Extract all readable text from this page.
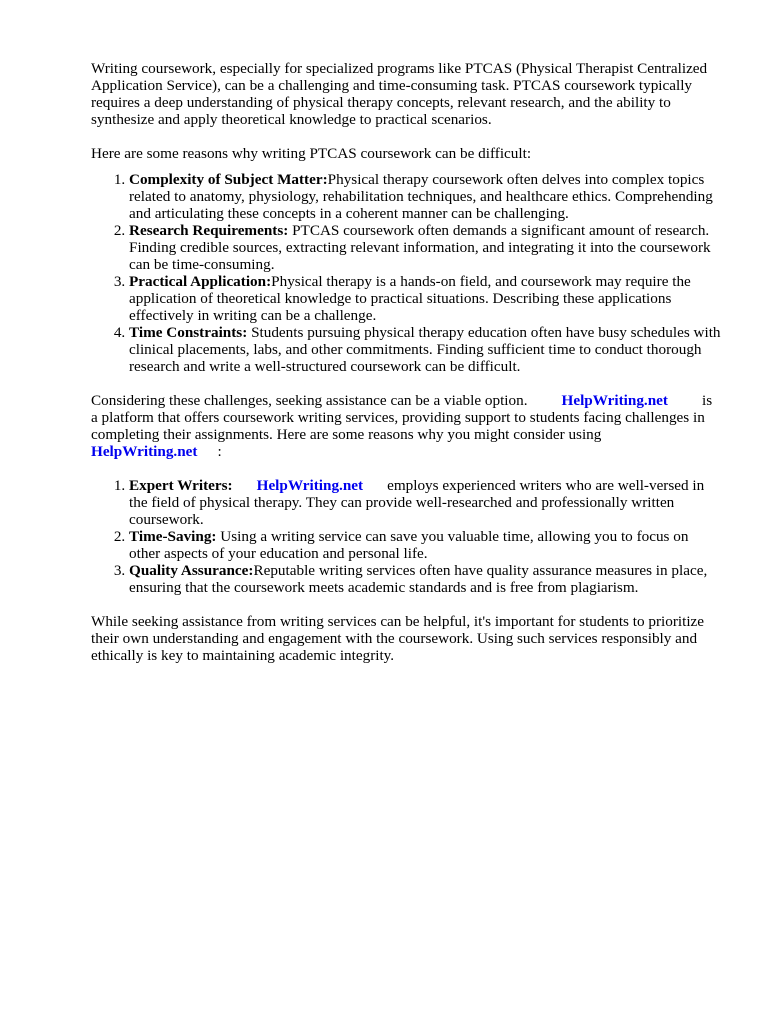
Writing coursework, especially for specialized programs like PTCAS (Physical Therapist Centralized Application Service), can be a challenging and time-consuming task. PTCAS coursework typically requires a deep understanding of physical therapy concepts, relevant research, and the ability to synthesize and apply theoretical knowledge to practical scenarios.

Here are some reasons why writing PTCAS coursework can be difficult:

1. Complexity of Subject Matter:Physical therapy coursework often delves into complex topics related to anatomy, physiology, rehabilitation techniques, and healthcare ethics. Comprehending and articulating these concepts in a coherent manner can be challenging.
2. Research Requirements: PTCAS coursework often demands a significant amount of research. Finding credible sources, extracting relevant information, and integrating it into the coursework can be time-consuming.
3. Practical Application:Physical therapy is a hands-on field, and coursework may require the application of theoretical knowledge to practical situations. Describing these applications effectively in writing can be a challenge.
4. Time Constraints: Students pursuing physical therapy education often have busy schedules with clinical placements, labs, and other commitments. Finding sufficient time to conduct thorough research and write a well-structured coursework can be difficult.

Considering these challenges, seeking assistance can be a viable option. HelpWriting.net is a platform that offers coursework writing services, providing support to students facing challenges in completing their assignments. Here are some reasons why you might consider using
HelpWriting.net :

1. Expert Writers: HelpWriting.net employs experienced writers who are well-versed in the field of physical therapy. They can provide well-researched and professionally written coursework.
2. Time-Saving: Using a writing service can save you valuable time, allowing you to focus on other aspects of your education and personal life.
3. Quality Assurance:Reputable writing services often have quality assurance measures in place, ensuring that the coursework meets academic standards and is free from plagiarism.

While seeking assistance from writing services can be helpful, it's important for students to prioritize their own understanding and engagement with the coursework. Using such services responsibly and ethically is key to maintaining academic integrity.
